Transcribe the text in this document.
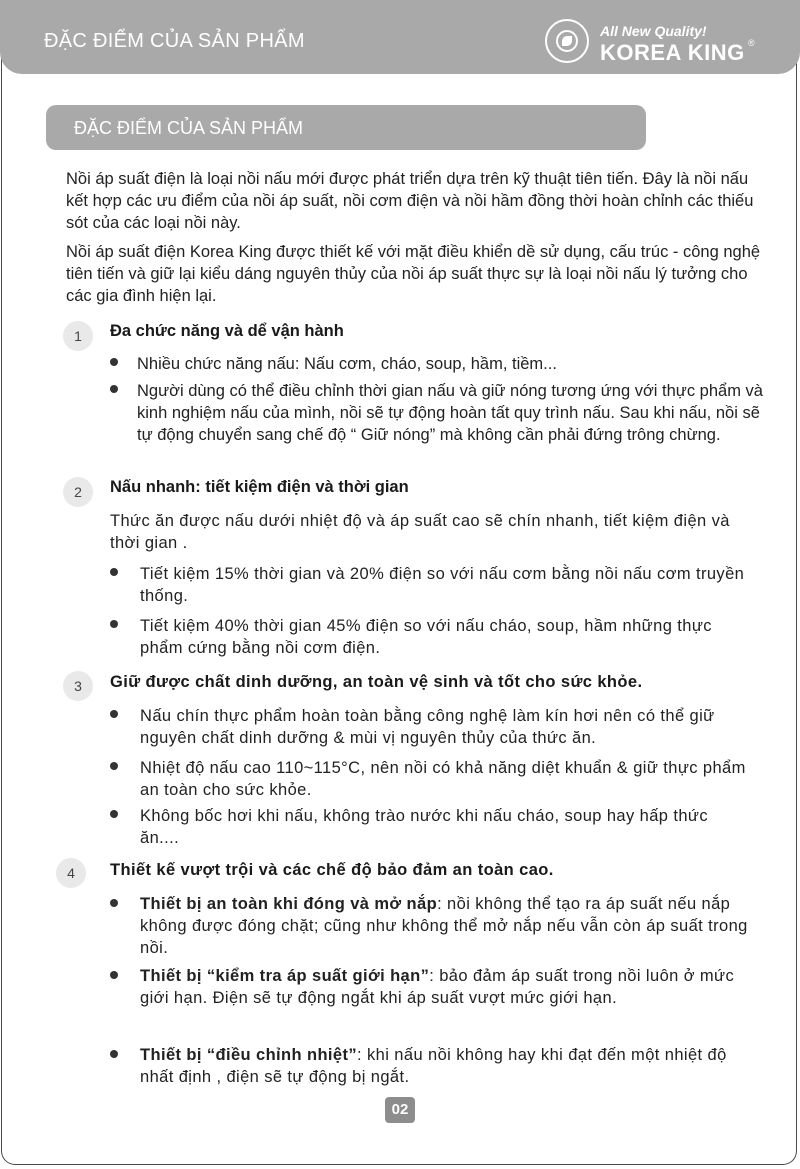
ĐẶC ĐIỂM CỦA SẢN PHẨM	All New Quality!
KOREA KING ®
ĐẶC ĐIỂM CỦA SẢN PHẨM

Nồi áp suất điện là loại nồi nấu mới được phát triển dựa trên kỹ thuật tiên tiến. Đây là nồi nấu kết hợp các ưu điểm của nồi áp suất, nồi cơm điện và nồi hầm đồng thời hoàn chỉnh các thiếu sót của các loại nồi này.

Nồi áp suất điện Korea King được thiết kế với mặt điều khiển dề sử dụng, cấu trúc - công nghệ tiên tiến và giữ lại kiểu dáng nguyên thủy của nồi áp suất thực sự là loại nồi nấu lý tưởng cho các gia đình hiện lại.

1	Đa chức năng và dể vận hành
Nhiều chức năng nấu: Nấu cơm, cháo, soup, hầm, tiềm...
Người dùng có thể điều chỉnh thời gian nấu và giữ nóng tương ứng với thực phẩm và kinh nghiệm nấu của mình, nồi sẽ tự động hoàn tất quy trình nấu. Sau khi nấu, nồi sẽ tự động chuyển sang chế độ “ Giữ nóng” mà không cần phải đứng trông chừng.
2	Nấu nhanh: tiết kiệm điện và thời gian
Thức ăn được nấu dưới nhiệt độ và áp suất cao sẽ chín nhanh, tiết kiệm điện và thời gian .
Tiết kiệm 15% thời gian và 20% điện so với nấu cơm bằng nồi nấu cơm truyền thống.
Tiết kiệm 40% thời gian 45% điện so với nấu cháo, soup, hầm những thực phẩm cứng bằng nồi cơm điện.
3	Giữ được chất dinh dưỡng, an toàn vệ sinh và tốt cho sức khỏe.
Nấu chín thực phẩm hoàn toàn bằng công nghệ làm kín hơi nên có thể giữ nguyên chất dinh dưỡng & mùi vị nguyên thủy của thức ăn.
Nhiệt độ nấu cao 110~115°C, nên nồi có khả năng diệt khuẩn & giữ thực phẩm an toàn cho sức khỏe.
Không bốc hơi khi nấu, không trào nước khi nấu cháo, soup hay hấp thức ăn....
4	Thiết kế vượt trội và các chế độ bảo đảm an toàn cao.
Thiết bị an toàn khi đóng và mở nắp: nồi không thể tạo ra áp suất nếu nắp không được đóng chặt; cũng như không thể mở nắp nếu vẫn còn áp suất trong nồi.
Thiết bị “kiểm tra áp suất giới hạn”: bảo đảm áp suất trong nồi luôn ở mức giới hạn. Điện sẽ tự động ngắt khi áp suất vượt mức giới hạn.
Thiết bị “điều chỉnh nhiệt”: khi nấu nồi không hay khi đạt đến một nhiệt độ nhất định , điện sẽ tự động bị ngắt.
02
